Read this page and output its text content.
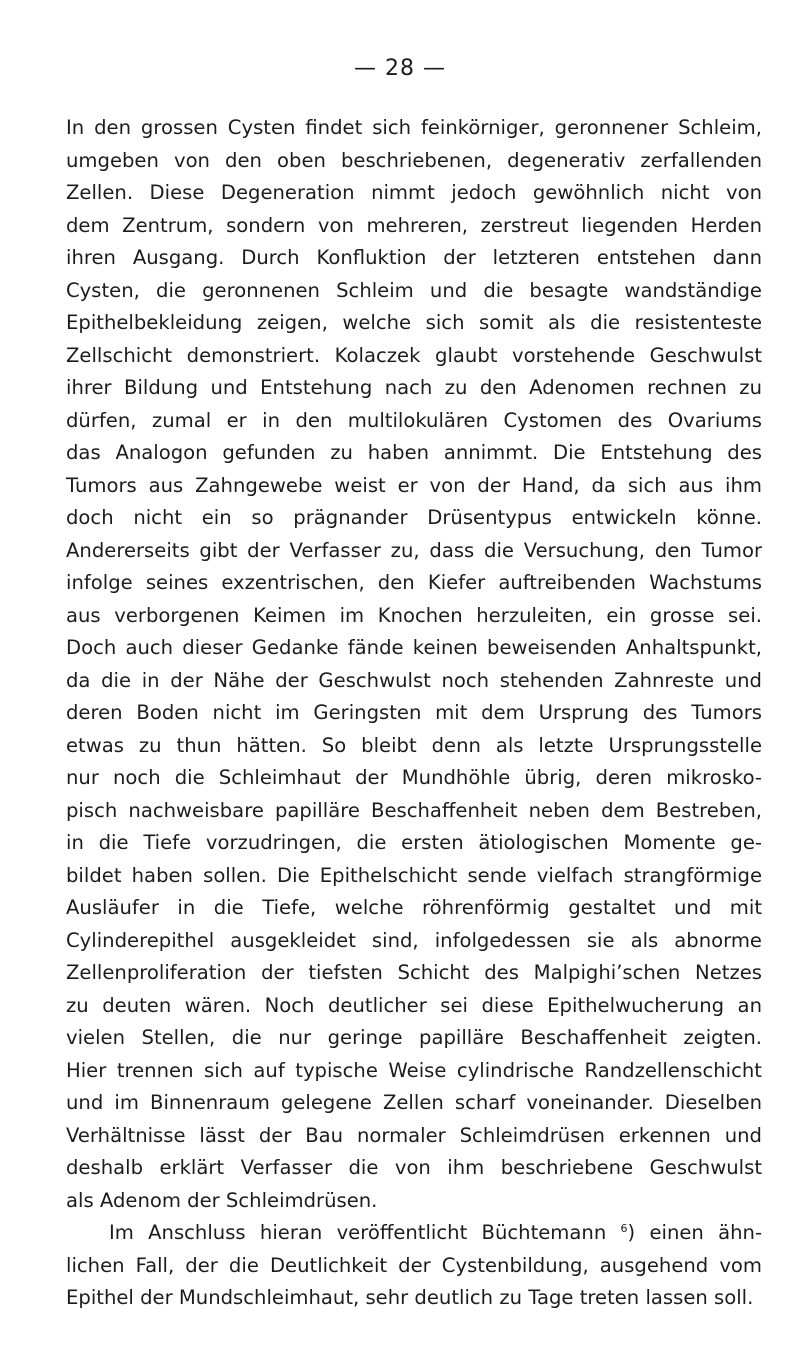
— 28 —
In den grossen Cysten findet sich feinkörniger, geronnener Schleim,
umgeben von den oben beschriebenen, degenerativ zerfallenden
Zellen. Diese Degeneration nimmt jedoch gewöhnlich nicht von
dem Zentrum, sondern von mehreren, zerstreut liegenden Herden
ihren Ausgang. Durch Konfluktion der letzteren entstehen dann
Cysten, die geronnenen Schleim und die besagte wandständige
Epithelbekleidung zeigen, welche sich somit als die resistenteste
Zellschicht demonstriert. Kolaczek glaubt vorstehende Geschwulst
ihrer Bildung und Entstehung nach zu den Adenomen rechnen zu
dürfen, zumal er in den multilokulären Cystomen des Ovariums
das Analogon gefunden zu haben annimmt. Die Entstehung des
Tumors aus Zahngewebe weist er von der Hand, da sich aus ihm
doch nicht ein so prägnander Drüsentypus entwickeln könne.
Andererseits gibt der Verfasser zu, dass die Versuchung, den Tumor
infolge seines exzentrischen, den Kiefer auftreibenden Wachstums
aus verborgenen Keimen im Knochen herzuleiten, ein grosse sei.
Doch auch dieser Gedanke fände keinen beweisenden Anhaltspunkt,
da die in der Nähe der Geschwulst noch stehenden Zahnreste und
deren Boden nicht im Geringsten mit dem Ursprung des Tumors
etwas zu thun hätten. So bleibt denn als letzte Ursprungsstelle
nur noch die Schleimhaut der Mundhöhle übrig, deren mikrosko-
pisch nachweisbare papilläre Beschaffenheit neben dem Bestreben,
in die Tiefe vorzudringen, die ersten ätiologischen Momente ge-
bildet haben sollen. Die Epithelschicht sende vielfach strangförmige
Ausläufer in die Tiefe, welche röhrenförmig gestaltet und mit
Cylinderepithel ausgekleidet sind, infolgedessen sie als abnorme
Zellenproliferation der tiefsten Schicht des Malpighi’schen Netzes
zu deuten wären. Noch deutlicher sei diese Epithelwucherung an
vielen Stellen, die nur geringe papilläre Beschaffenheit zeigten.
Hier trennen sich auf typische Weise cylindrische Randzellenschicht
und im Binnenraum gelegene Zellen scharf voneinander. Dieselben
Verhältnisse lässt der Bau normaler Schleimdrüsen erkennen und
deshalb erklärt Verfasser die von ihm beschriebene Geschwulst
als Adenom der Schleimdrüsen.
Im Anschluss hieran veröffentlicht Büchtemann $^6$) einen ähn-
lichen Fall, der die Deutlichkeit der Cystenbildung, ausgehend vom
Epithel der Mundschleimhaut, sehr deutlich zu Tage treten lassen soll.
